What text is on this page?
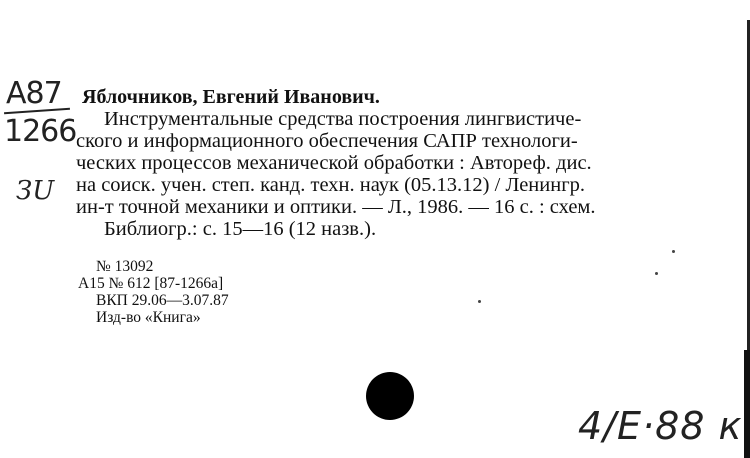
A87
1266
ЗU
Яблочников, Евгений Иванович.
Инструментальные средства построения лингвистиче-
ского и информационного обеспечения САПР технологи-
ческих процессов механической обработки : Автореф. дис.
на соиск. учен. степ. канд. техн. наук (05.13.12) / Ленингр.
ин-т точной механики и оптики. — Л., 1986. — 16 с. : схем.
Библиогр.: с. 15—16 (12 назв.).
№ 13092
А15 № 612 [87-1266а]
ВКП 29.06—3.07.87
Изд-во «Книга»
4/Е·88 к
